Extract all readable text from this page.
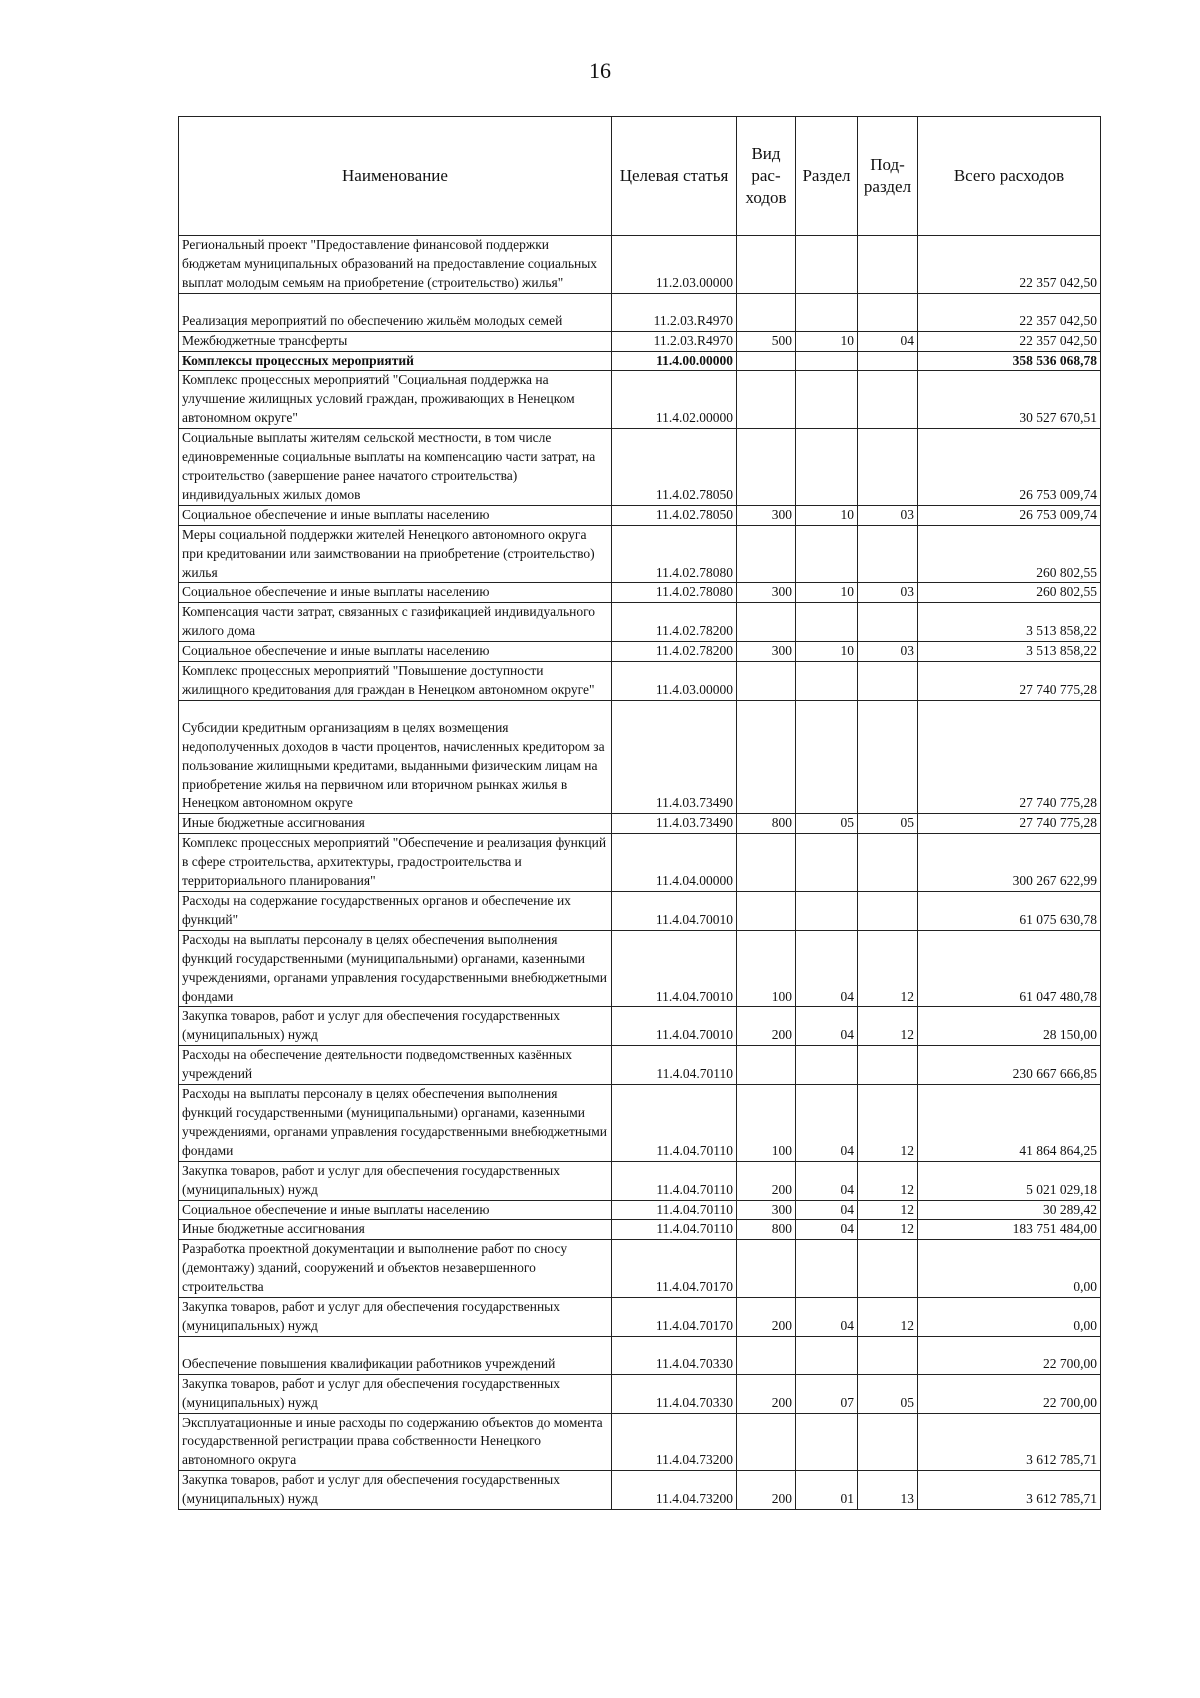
16
Наименование	Целевая статья	Вид рас- ходов	Раздел	Под- раздел	Всего расходов
Региональный проект "Предоставление финансовой поддержки бюджетам муниципальных образований на предоставление социальных выплат молодым семьям на приобретение (строительство) жилья"	11.2.03.00000				22 357 042,50
Реализация мероприятий по обеспечению жильём молодых семей	11.2.03.R4970				22 357 042,50
Межбюджетные трансферты	11.2.03.R4970	500	10	04	22 357 042,50
Комплексы процессных мероприятий	11.4.00.00000				358 536 068,78
Комплекс процессных мероприятий "Социальная поддержка на улучшение жилищных условий граждан, проживающих в Ненецком автономном округе"	11.4.02.00000				30 527 670,51
Социальные выплаты жителям сельской местности, в том числе единовременные социальные выплаты на компенсацию части затрат, на строительство (завершение ранее начатого строительства) индивидуальных жилых домов	11.4.02.78050				26 753 009,74
Социальное обеспечение и иные выплаты населению	11.4.02.78050	300	10	03	26 753 009,74
Меры социальной поддержки жителей Ненецкого автономного округа при кредитовании или заимствовании на приобретение (строительство) жилья	11.4.02.78080				260 802,55
Социальное обеспечение и иные выплаты населению	11.4.02.78080	300	10	03	260 802,55
Компенсация части затрат, связанных с газификацией индивидуального жилого дома	11.4.02.78200				3 513 858,22
Социальное обеспечение и иные выплаты населению	11.4.02.78200	300	10	03	3 513 858,22
Комплекс процессных мероприятий "Повышение доступности жилищного кредитования для граждан в Ненецком автономном округе"	11.4.03.00000				27 740 775,28
Субсидии кредитным организациям в целях возмещения недополученных доходов в части процентов, начисленных кредитором за пользование жилищными кредитами, выданными физическим лицам на приобретение жилья на первичном или вторичном рынках жилья в Ненецком автономном округе	11.4.03.73490				27 740 775,28
Иные бюджетные ассигнования	11.4.03.73490	800	05	05	27 740 775,28
Комплекс процессных мероприятий "Обеспечение и реализация функций в сфере строительства, архитектуры, градостроительства и территориального планирования"	11.4.04.00000				300 267 622,99
Расходы на содержание государственных органов и обеспечение их функций"	11.4.04.70010				61 075 630,78
Расходы на выплаты персоналу в целях обеспечения выполнения функций государственными (муниципальными) органами, казенными учреждениями, органами управления государственными внебюджетными фондами	11.4.04.70010	100	04	12	61 047 480,78
Закупка товаров, работ и услуг для обеспечения государственных (муниципальных) нужд	11.4.04.70010	200	04	12	28 150,00
Расходы на обеспечение деятельности подведомственных казённых учреждений	11.4.04.70110				230 667 666,85
Расходы на выплаты персоналу в целях обеспечения выполнения функций государственными (муниципальными) органами, казенными учреждениями, органами управления государственными внебюджетными фондами	11.4.04.70110	100	04	12	41 864 864,25
Закупка товаров, работ и услуг для обеспечения государственных (муниципальных) нужд	11.4.04.70110	200	04	12	5 021 029,18
Социальное обеспечение и иные выплаты населению	11.4.04.70110	300	04	12	30 289,42
Иные бюджетные ассигнования	11.4.04.70110	800	04	12	183 751 484,00
Разработка проектной документации и выполнение работ по сносу (демонтажу) зданий, сооружений и объектов незавершенного строительства	11.4.04.70170				0,00
Закупка товаров, работ и услуг для обеспечения государственных (муниципальных) нужд	11.4.04.70170	200	04	12	0,00
Обеспечение повышения квалификации работников учреждений	11.4.04.70330				22 700,00
Закупка товаров, работ и услуг для обеспечения государственных (муниципальных) нужд	11.4.04.70330	200	07	05	22 700,00
Эксплуатационные и иные расходы по содержанию объектов до момента государственной регистрации права собственности Ненецкого автономного округа	11.4.04.73200				3 612 785,71
Закупка товаров, работ и услуг для обеспечения государственных (муниципальных) нужд	11.4.04.73200	200	01	13	3 612 785,71
